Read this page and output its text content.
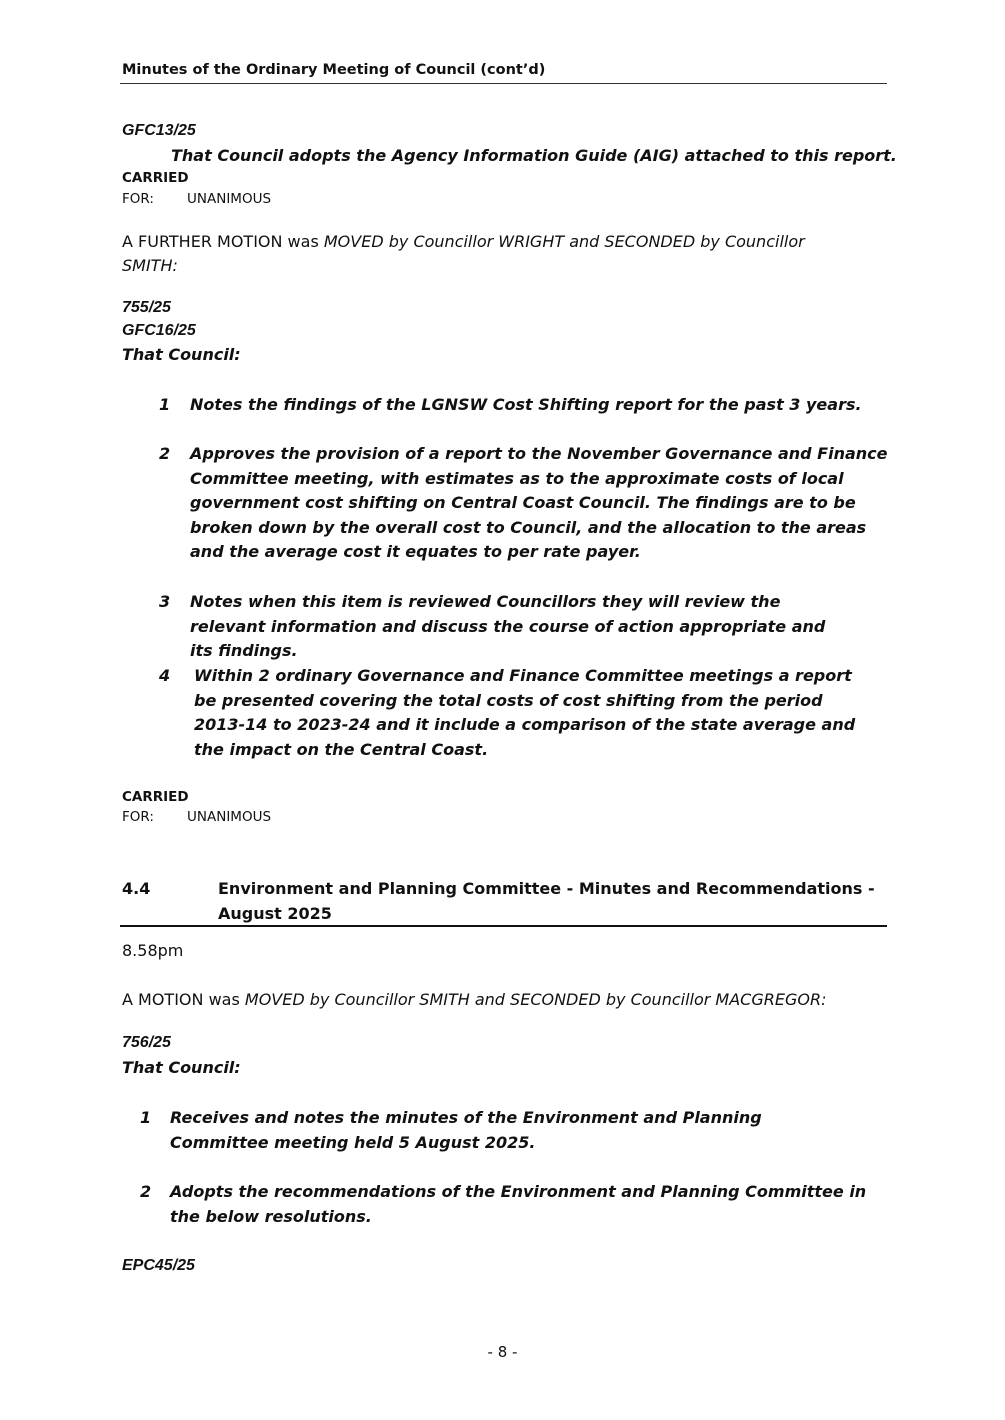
Minutes of the Ordinary Meeting of Council (cont’d)
GFC13/25
That Council adopts the Agency Information Guide (AIG) attached to this report.
CARRIED
FOR: UNANIMOUS
A FURTHER MOTION was MOVED by Councillor WRIGHT and SECONDED by Councillor
SMITH:
755/25
GFC16/25
That Council:
1 Notes the findings of the LGNSW Cost Shifting report for the past 3 years.
2 Approves the provision of a report to the November Governance and Finance Committee meeting, with estimates as to the approximate costs of local government cost shifting on Central Coast Council. The findings are to be broken down by the overall cost to Council, and the allocation to the areas and the average cost it equates to per rate payer.
3 Notes when this item is reviewed Councillors they will review the relevant information and discuss the course of action appropriate and its findings.
4 Within 2 ordinary Governance and Finance Committee meetings a report be presented covering the total costs of cost shifting from the period 2013-14 to 2023-24 and it include a comparison of the state average and the impact on the Central Coast.
CARRIED
FOR: UNANIMOUS
4.4	Environment and Planning Committee - Minutes and Recommendations -
August 2025
8.58pm
A MOTION was MOVED by Councillor SMITH and SECONDED by Councillor MACGREGOR:
756/25
That Council:
1 Receives and notes the minutes of the Environment and Planning Committee meeting held 5 August 2025.
2 Adopts the recommendations of the Environment and Planning Committee in the below resolutions.
EPC45/25
- 8 -
